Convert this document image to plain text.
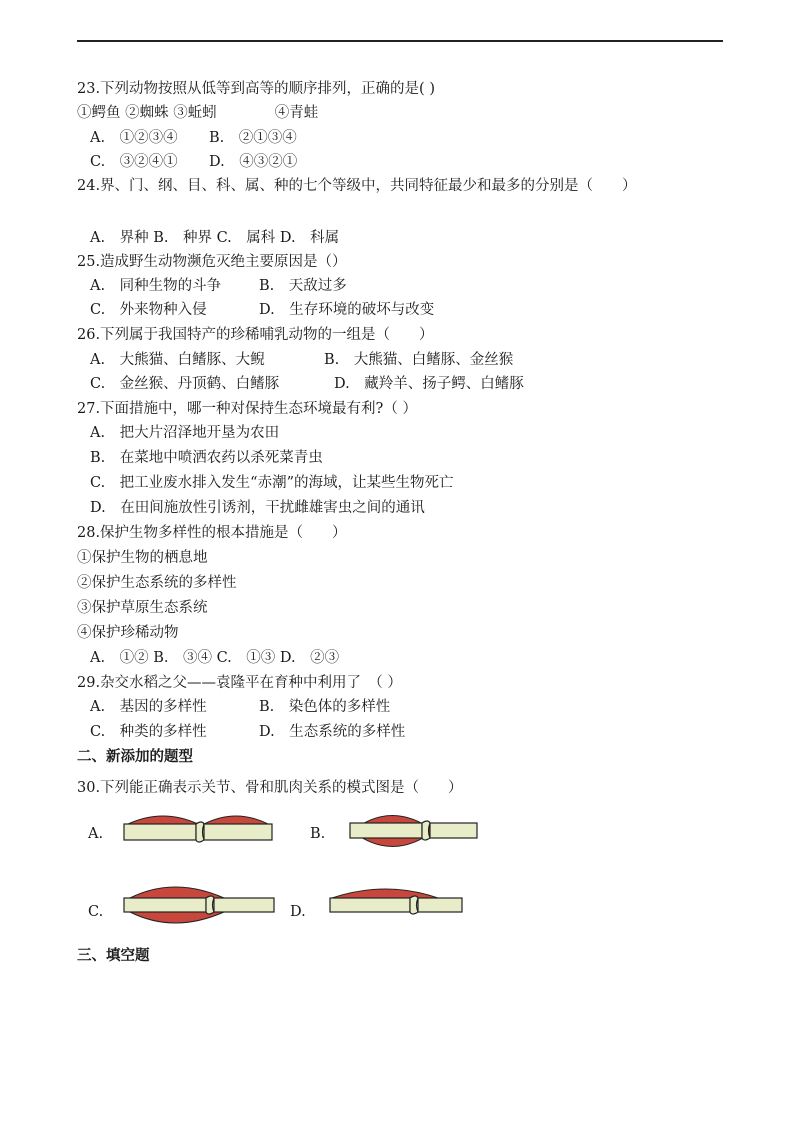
23.下列动物按照从低等到高等的顺序排列，正确的是( )
①鳄鱼 ②蜘蛛 ③蚯蚓　　　　④青蛙
A.　①②③④ B.　②①③④
C.　③②④① D.　④③②①
24.界、门、纲、目、科、属、种的七个等级中，共同特征最少和最多的分别是（　　）
A.　界种 B.　种界 C.　属科 D.　科属
25.造成野生动物濒危灭绝主要原因是（）
A.　同种生物的斗争	B.　天敌过多
C.　外来物种入侵	D.　生存环境的破坏与改变
26.下列属于我国特产的珍稀哺乳动物的一组是（　　）
A.　大熊猫、白鳍豚、大鲵	B.　大熊猫、白鳍豚、金丝猴
C.　金丝猴、丹顶鹤、白鳍豚	D.　藏羚羊、扬子鳄、白鳍豚
27.下面措施中，哪一种对保持生态环境最有利?（ ）
A.　把大片沼泽地开垦为农田
B.　在菜地中喷洒农药以杀死菜青虫
C.　把工业废水排入发生“赤潮”的海域，让某些生物死亡
D.　在田间施放性引诱剂，干扰雌雄害虫之间的通讯
28.保护生物多样性的根本措施是（　　）
①保护生物的栖息地
②保护生态系统的多样性
③保护草原生态系统
④保护珍稀动物
A.　①② B.　③④ C.　①③ D.　②③
29.杂交水稻之父——袁隆平在育种中利用了　（ ）
A.　基因的多样性	B.　染色体的多样性
C.　种类的多样性	D.　生态系统的多样性
二、新添加的题型
30.下列能正确表示关节、骨和肌肉关系的模式图是（　　）
A.	B.
C.	D.
三、填空题
